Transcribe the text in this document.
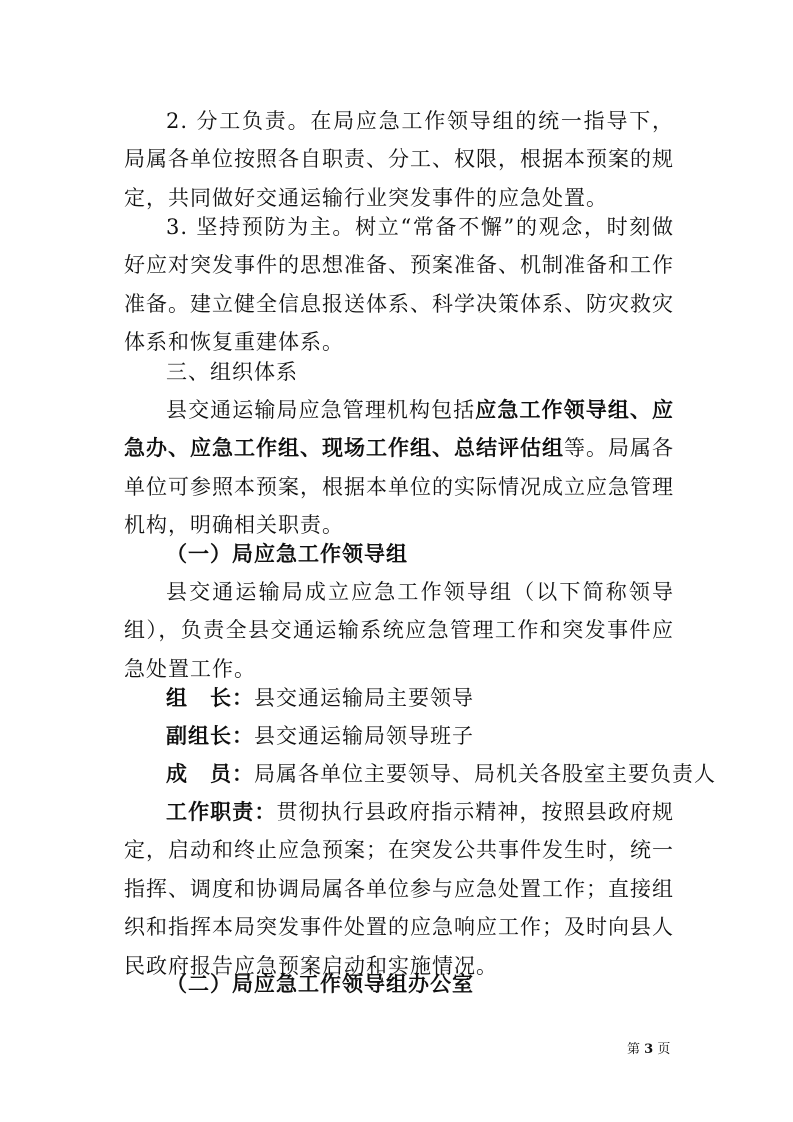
2. 分工负责。在局应急工作领导组的统一指导下，局属各单位按照各自职责、分工、权限，根据本预案的规定，共同做好交通运输行业突发事件的应急处置。

3. 坚持预防为主。树立“常备不懈”的观念，时刻做好应对突发事件的思想准备、预案准备、机制准备和工作准备。建立健全信息报送体系、科学决策体系、防灾救灾体系和恢复重建体系。

三、组织体系

县交通运输局应急管理机构包括应急工作领导组、应急办、应急工作组、现场工作组、总结评估组等。局属各单位可参照本预案，根据本单位的实际情况成立应急管理机构，明确相关职责。

（一）局应急工作领导组

县交通运输局成立应急工作领导组（以下简称领导组），负责全县交通运输系统应急管理工作和突发事件应急处置工作。

组　长：县交通运输局主要领导
副组长：县交通运输局领导班子
成　员：局属各单位主要领导、局机关各股室主要负责人

工作职责：贯彻执行县政府指示精神，按照县政府规定，启动和终止应急预案；在突发公共事件发生时，统一指挥、调度和协调局属各单位参与应急处置工作；直接组织和指挥本局突发事件处置的应急响应工作；及时向县人民政府报告应急预案启动和实施情况。

（二）局应急工作领导组办公室

第 3 页
